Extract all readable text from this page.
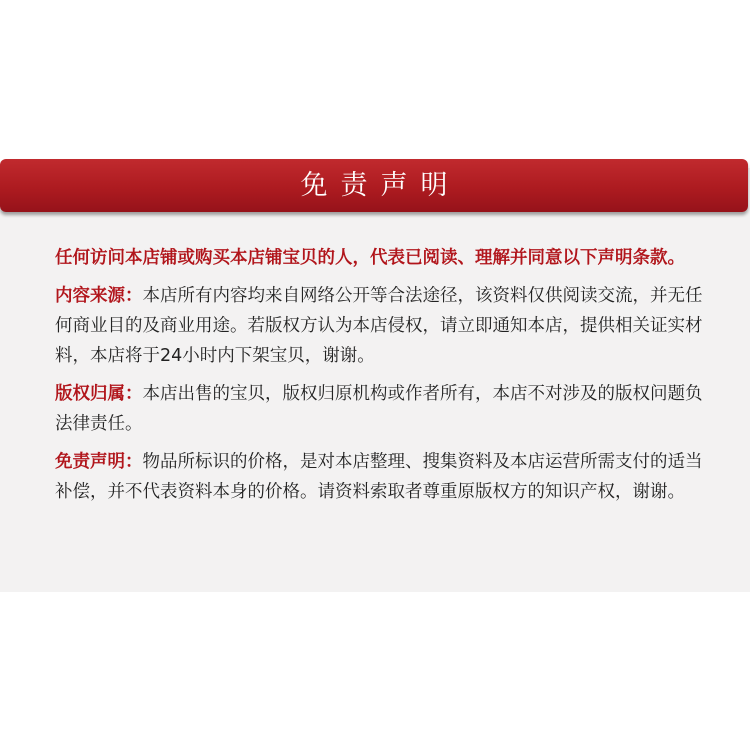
免责声明

任何访问本店铺或购买本店铺宝贝的人，代表已阅读、理解并同意以下声明条款。

内容来源：本店所有内容均来自网络公开等合法途径，该资料仅供阅读交流，并无任何商业目的及商业用途。若版权方认为本店侵权，请立即通知本店，提供相关证实材料，本店将于24小时内下架宝贝，谢谢。

版权归属：本店出售的宝贝，版权归原机构或作者所有，本店不对涉及的版权问题负法律责任。

免责声明：物品所标识的价格，是对本店整理、搜集资料及本店运营所需支付的适当补偿，并不代表资料本身的价格。请资料索取者尊重原版权方的知识产权，谢谢。
